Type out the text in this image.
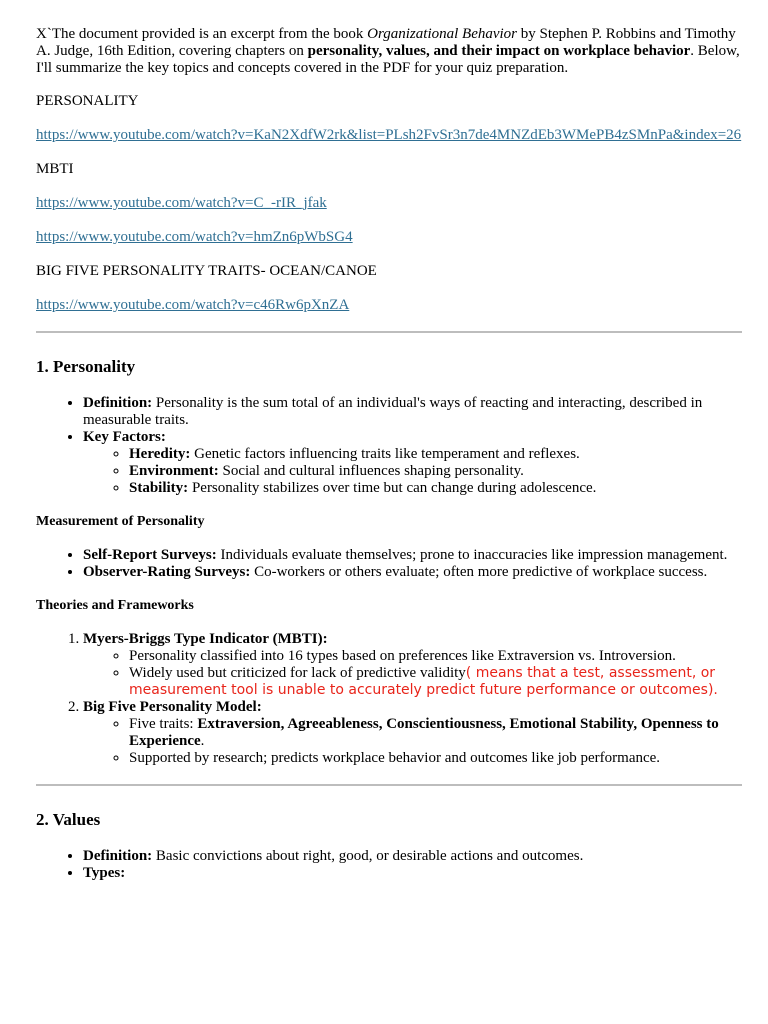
X`The document provided is an excerpt from the book Organizational Behavior by Stephen P. Robbins and Timothy A. Judge, 16th Edition, covering chapters on personality, values, and their impact on workplace behavior. Below, I'll summarize the key topics and concepts covered in the PDF for your quiz preparation.

PERSONALITY

https://www.youtube.com/watch?v=KaN2XdfW2rk&list=PLsh2FvSr3n7de4MNZdEb3WMePB4zSMnPa&index=26

MBTI

https://www.youtube.com/watch?v=C_-rIR_jfak

https://www.youtube.com/watch?v=hmZn6pWbSG4

BIG FIVE PERSONALITY TRAITS- OCEAN/CANOE

https://www.youtube.com/watch?v=c46Rw6pXnZA

1. Personality
• Definition: Personality is the sum total of an individual's ways of reacting and interacting, described in measurable traits.
• Key Factors:
◦ Heredity: Genetic factors influencing traits like temperament and reflexes.
◦ Environment: Social and cultural influences shaping personality.
◦ Stability: Personality stabilizes over time but can change during adolescence.
Measurement of Personality
• Self-Report Surveys: Individuals evaluate themselves; prone to inaccuracies like impression management.
• Observer-Rating Surveys: Co-workers or others evaluate; often more predictive of workplace success.
Theories and Frameworks
1. Myers-Briggs Type Indicator (MBTI):
◦ Personality classified into 16 types based on preferences like Extraversion vs. Introversion.
◦ Widely used but criticized for lack of predictive validity( means that a test, assessment, or measurement tool is unable to accurately predict future performance or outcomes).
2. Big Five Personality Model:
◦ Five traits: Extraversion, Agreeableness, Conscientiousness, Emotional Stability, Openness to Experience.
◦ Supported by research; predicts workplace behavior and outcomes like job performance.
2. Values
• Definition: Basic convictions about right, good, or desirable actions and outcomes.
• Types:
